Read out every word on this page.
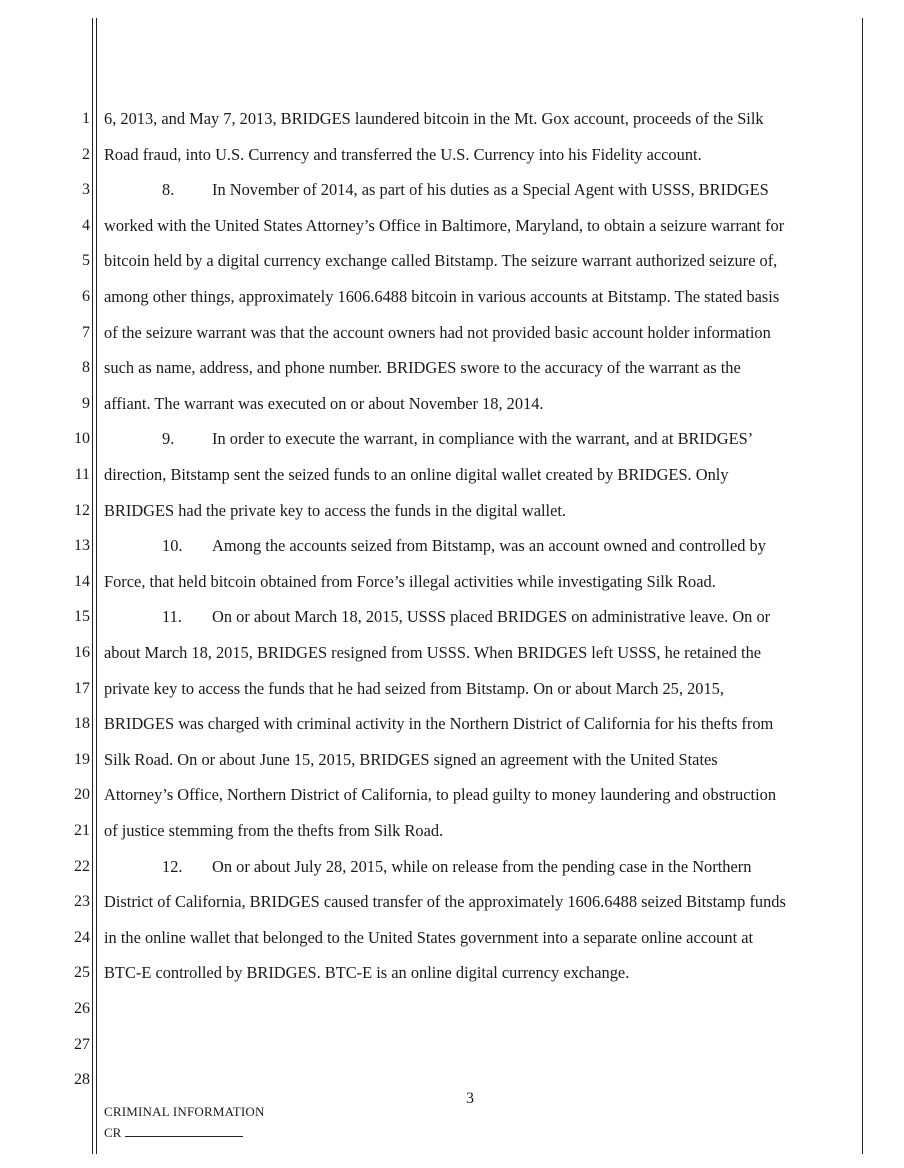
1
2
3
4
5
6
7
8
9
10
11
12
13
14
15
16
17
18
19
20
21
22
23
24
25
26
27
28
6, 2013, and May 7, 2013, BRIDGES laundered bitcoin in the Mt. Gox account, proceeds of the Silk
Road fraud, into U.S. Currency and transferred the U.S. Currency into his Fidelity account.
8. In November of 2014, as part of his duties as a Special Agent with USSS, BRIDGES
worked with the United States Attorney’s Office in Baltimore, Maryland, to obtain a seizure warrant for
bitcoin held by a digital currency exchange called Bitstamp. The seizure warrant authorized seizure of,
among other things, approximately 1606.6488 bitcoin in various accounts at Bitstamp. The stated basis
of the seizure warrant was that the account owners had not provided basic account holder information
such as name, address, and phone number. BRIDGES swore to the accuracy of the warrant as the
affiant. The warrant was executed on or about November 18, 2014.
9. In order to execute the warrant, in compliance with the warrant, and at BRIDGES’
direction, Bitstamp sent the seized funds to an online digital wallet created by BRIDGES. Only
BRIDGES had the private key to access the funds in the digital wallet.
10. Among the accounts seized from Bitstamp, was an account owned and controlled by
Force, that held bitcoin obtained from Force’s illegal activities while investigating Silk Road.
11. On or about March 18, 2015, USSS placed BRIDGES on administrative leave. On or
about March 18, 2015, BRIDGES resigned from USSS. When BRIDGES left USSS, he retained the
private key to access the funds that he had seized from Bitstamp. On or about March 25, 2015,
BRIDGES was charged with criminal activity in the Northern District of California for his thefts from
Silk Road. On or about June 15, 2015, BRIDGES signed an agreement with the United States
Attorney’s Office, Northern District of California, to plead guilty to money laundering and obstruction
of justice stemming from the thefts from Silk Road.
12. On or about July 28, 2015, while on release from the pending case in the Northern
District of California, BRIDGES caused transfer of the approximately 1606.6488 seized Bitstamp funds
in the online wallet that belonged to the United States government into a separate online account at
BTC-E controlled by BRIDGES. BTC-E is an online digital currency exchange.
3
CRIMINAL INFORMATION
CR
